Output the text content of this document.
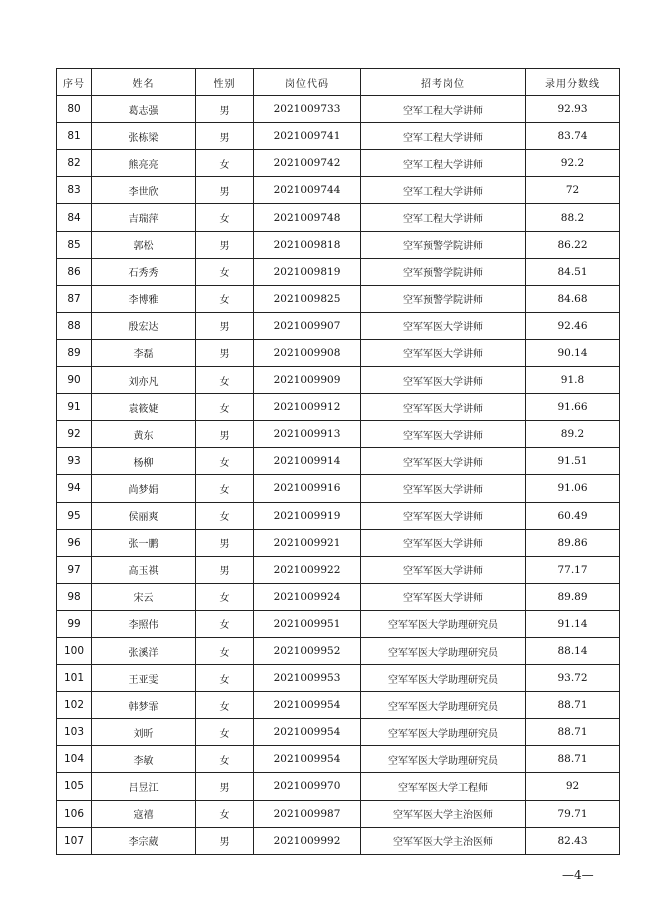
序号	姓名	性别	岗位代码	招考岗位	录用分数线
80	葛志强	男	2021009733	空军工程大学讲师	92.93
81	张栋梁	男	2021009741	空军工程大学讲师	83.74
82	熊亮亮	女	2021009742	空军工程大学讲师	92.2
83	李世欣	男	2021009744	空军工程大学讲师	72
84	吉瑞萍	女	2021009748	空军工程大学讲师	88.2
85	郭松	男	2021009818	空军预警学院讲师	86.22
86	石秀秀	女	2021009819	空军预警学院讲师	84.51
87	李博雅	女	2021009825	空军预警学院讲师	84.68
88	殷宏达	男	2021009907	空军军医大学讲师	92.46
89	李磊	男	2021009908	空军军医大学讲师	90.14
90	刘亦凡	女	2021009909	空军军医大学讲师	91.8
91	袁筱婕	女	2021009912	空军军医大学讲师	91.66
92	黄东	男	2021009913	空军军医大学讲师	89.2
93	杨柳	女	2021009914	空军军医大学讲师	91.51
94	尚梦娟	女	2021009916	空军军医大学讲师	91.06
95	侯丽爽	女	2021009919	空军军医大学讲师	60.49
96	张一鹏	男	2021009921	空军军医大学讲师	89.86
97	高玉祺	男	2021009922	空军军医大学讲师	77.17
98	宋云	女	2021009924	空军军医大学讲师	89.89
99	李照伟	女	2021009951	空军军医大学助理研究员	91.14
100	张溪洋	女	2021009952	空军军医大学助理研究员	88.14
101	王亚雯	女	2021009953	空军军医大学助理研究员	93.72
102	韩梦霏	女	2021009954	空军军医大学助理研究员	88.71
103	刘昕	女	2021009954	空军军医大学助理研究员	88.71
104	李敏	女	2021009954	空军军医大学助理研究员	88.71
105	吕昱江	男	2021009970	空军军医大学工程师	92
106	寇禧	女	2021009987	空军军医大学主治医师	79.71
107	李宗葳	男	2021009992	空军军医大学主治医师	82.43
—4—
